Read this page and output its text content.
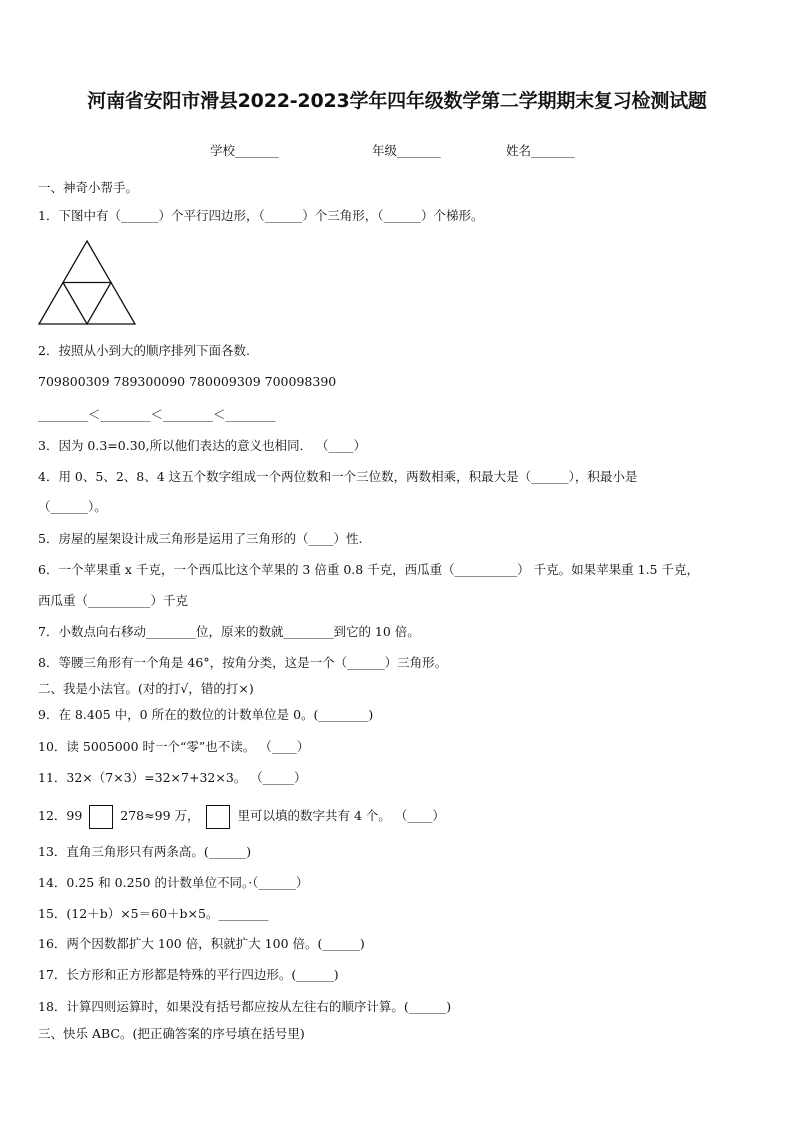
河南省安阳市滑县2022-2023学年四年级数学第二学期期末复习检测试题
学校_______	年级_______	姓名_______
一、神奇小帮手。
1．下图中有（______）个平行四边形，（______）个三角形，（______）个梯形。
2．按照从小到大的顺序排列下面各数.
709800309 789300090 780009309 700098390
________＜________＜________＜________
3．因为 0.3=0.30,所以他们表达的意义也相同． （____）
4．用 0、5、2、8、4 这五个数字组成一个两位数和一个三位数，两数相乘，积最大是（______），积最小是
（______）。
5．房屋的屋架设计成三角形是运用了三角形的（____）性.
6．一个苹果重 x 千克，一个西瓜比这个苹果的 3 倍重 0.8 千克，西瓜重（__________） 千克。如果苹果重 1.5 千克，
西瓜重（__________）千克
7．小数点向右移动________位，原来的数就________到它的 10 倍。
8．等腰三角形有一个角是 46°，按角分类，这是一个（______）三角形。
二、我是小法官。(对的打√，错的打×)
9．在 8.405 中，0 所在的数位的计数单位是 0。(________)
10．读 5005000 时一个“零”也不读。 （____）
11．32×（7×3）=32×7+32×3。 （_____）
12．99	278≈99 万，	里可以填的数字共有 4 个。 （____）
13．直角三角形只有两条高。(______)
14．0.25 和 0.250 的计数单位不同。·（______）
15．(12＋b）×5＝60＋b×5。________
16．两个因数都扩大 100 倍，积就扩大 100 倍。(______)
17．长方形和正方形都是特殊的平行四边形。(______)
18．计算四则运算时，如果没有括号都应按从左往右的顺序计算。(______)
三、快乐 ABC。(把正确答案的序号填在括号里)
